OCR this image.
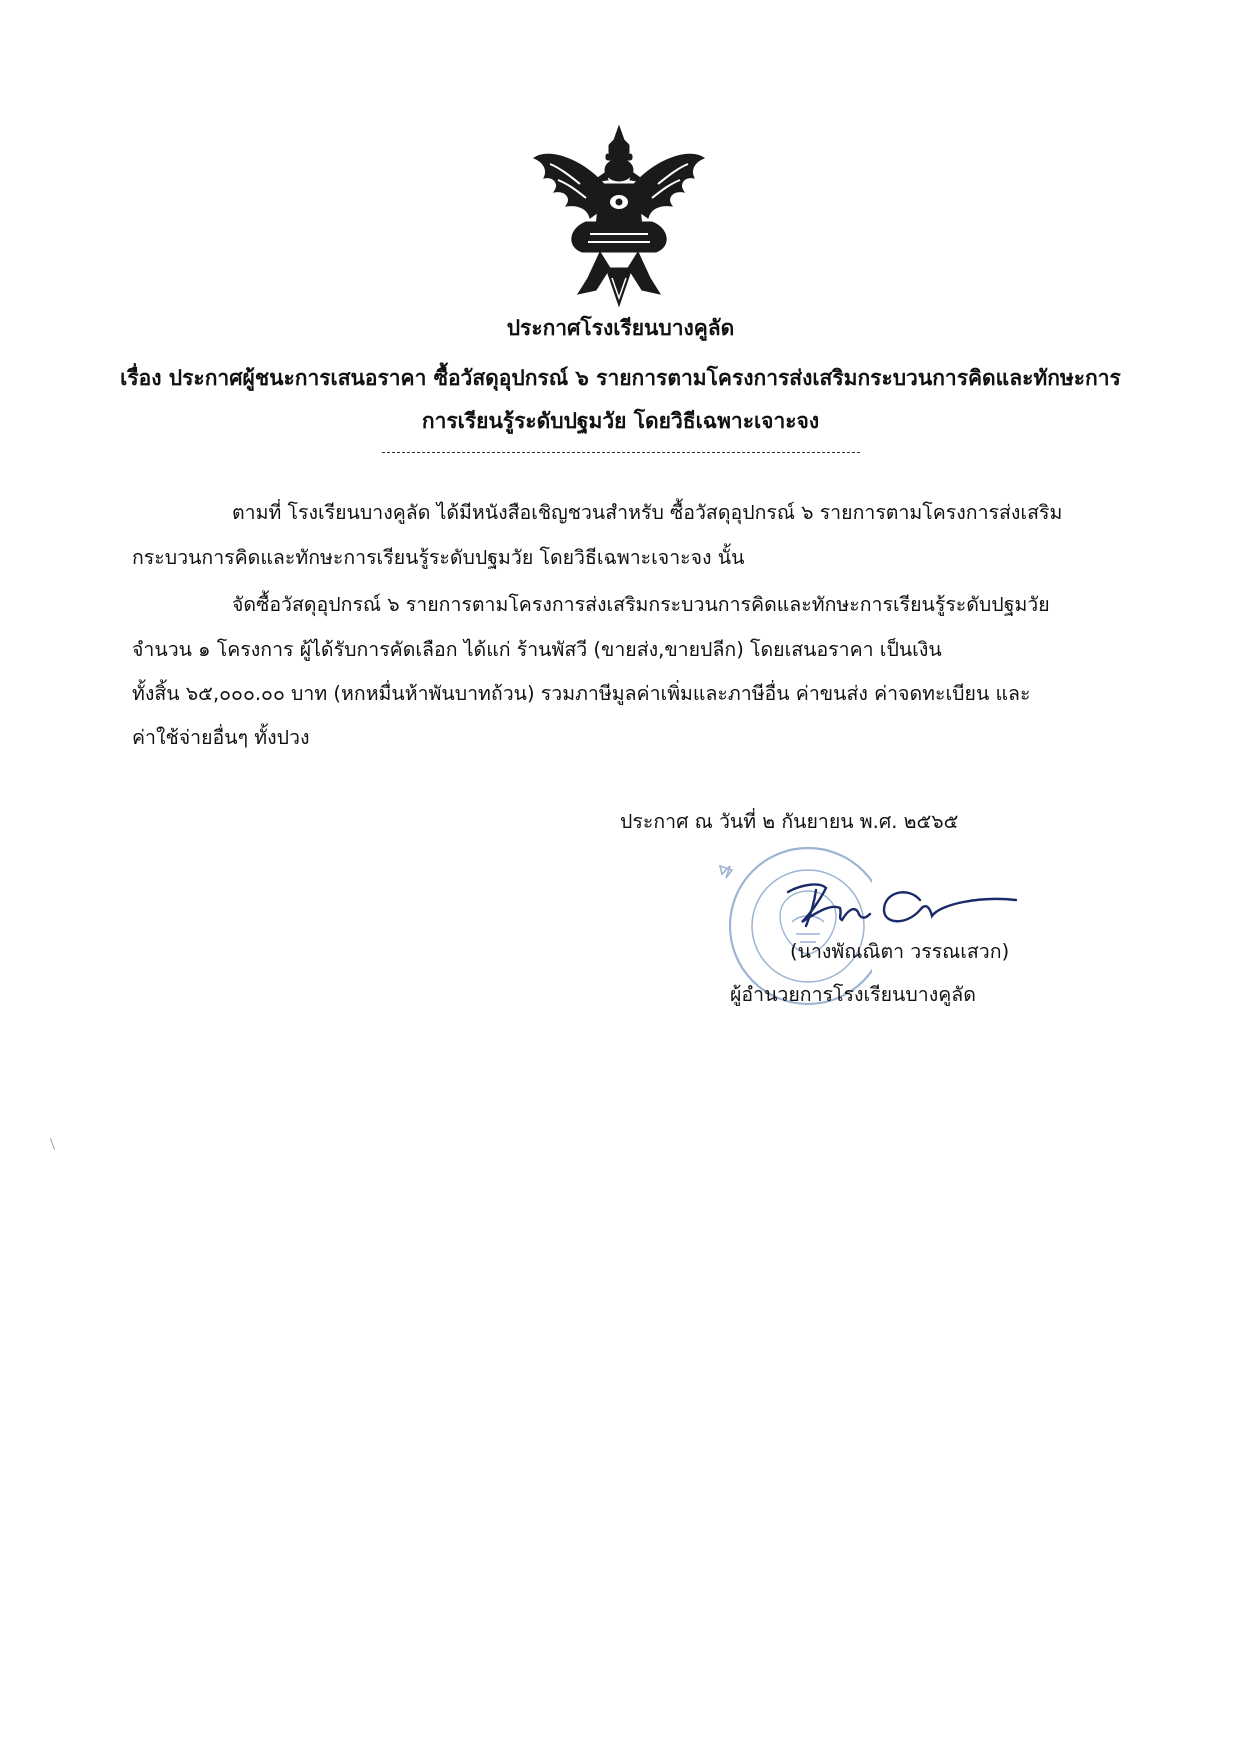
ประกาศโรงเรียนบางคูลัด
เรื่อง ประกาศผู้ชนะการเสนอราคา ซื้อวัสดุอุปกรณ์ ๖ รายการตามโครงการส่งเสริมกระบวนการคิดและทักษะการ
การเรียนรู้ระดับปฐมวัย โดยวิธีเฉพาะเจาะจง
ตามที่ โรงเรียนบางคูลัด ได้มีหนังสือเชิญชวนสำหรับ ซื้อวัสดุอุปกรณ์ ๖ รายการตามโครงการส่งเสริม
กระบวนการคิดและทักษะการเรียนรู้ระดับปฐมวัย โดยวิธีเฉพาะเจาะจง นั้น
จัดซื้อวัสดุอุปกรณ์ ๖ รายการตามโครงการส่งเสริมกระบวนการคิดและทักษะการเรียนรู้ระดับปฐมวัย
จำนวน ๑ โครงการ ผู้ได้รับการคัดเลือก ได้แก่ ร้านพัสวี (ขายส่ง,ขายปลีก) โดยเสนอราคา เป็นเงิน
ทั้งสิ้น ๖๕,๐๐๐.๐๐ บาท (หกหมื่นห้าพันบาทถ้วน) รวมภาษีมูลค่าเพิ่มและภาษีอื่น ค่าขนส่ง ค่าจดทะเบียน และ
ค่าใช้จ่ายอื่นๆ ทั้งปวง
ประกาศ ณ วันที่ ๒ กันยายน พ.ศ. ๒๕๖๕
(นางพัณณิตา วรรณเสวก)
ผู้อำนวยการโรงเรียนบางคูลัด
